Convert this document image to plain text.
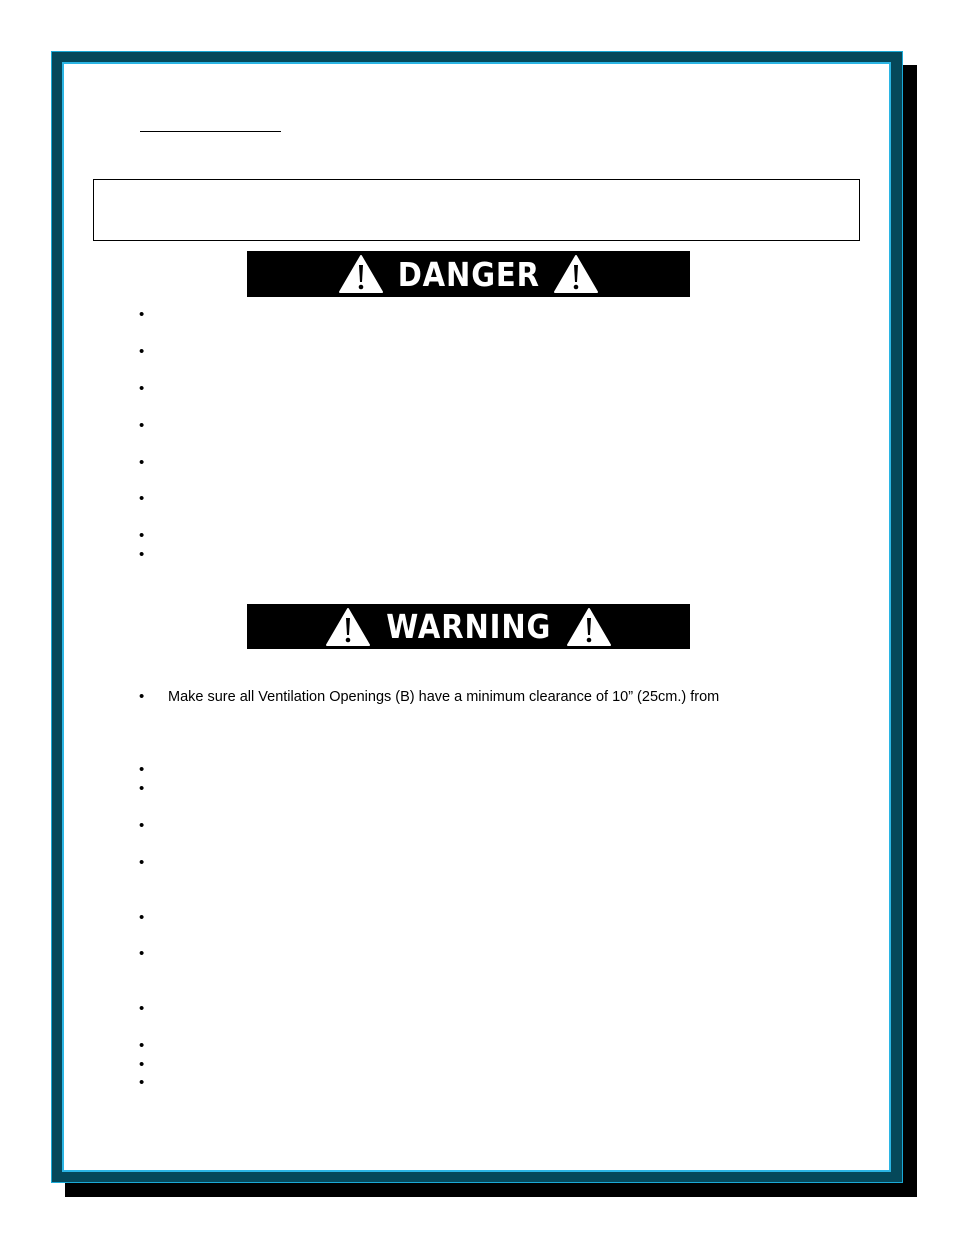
DANGER
•
•
•
•
•
•
•
•
WARNING
•	Make sure all Ventilation Openings (B) have a minimum clearance of 10” (25cm.) from
•
•
•
•
•
•
•
•
•
•
